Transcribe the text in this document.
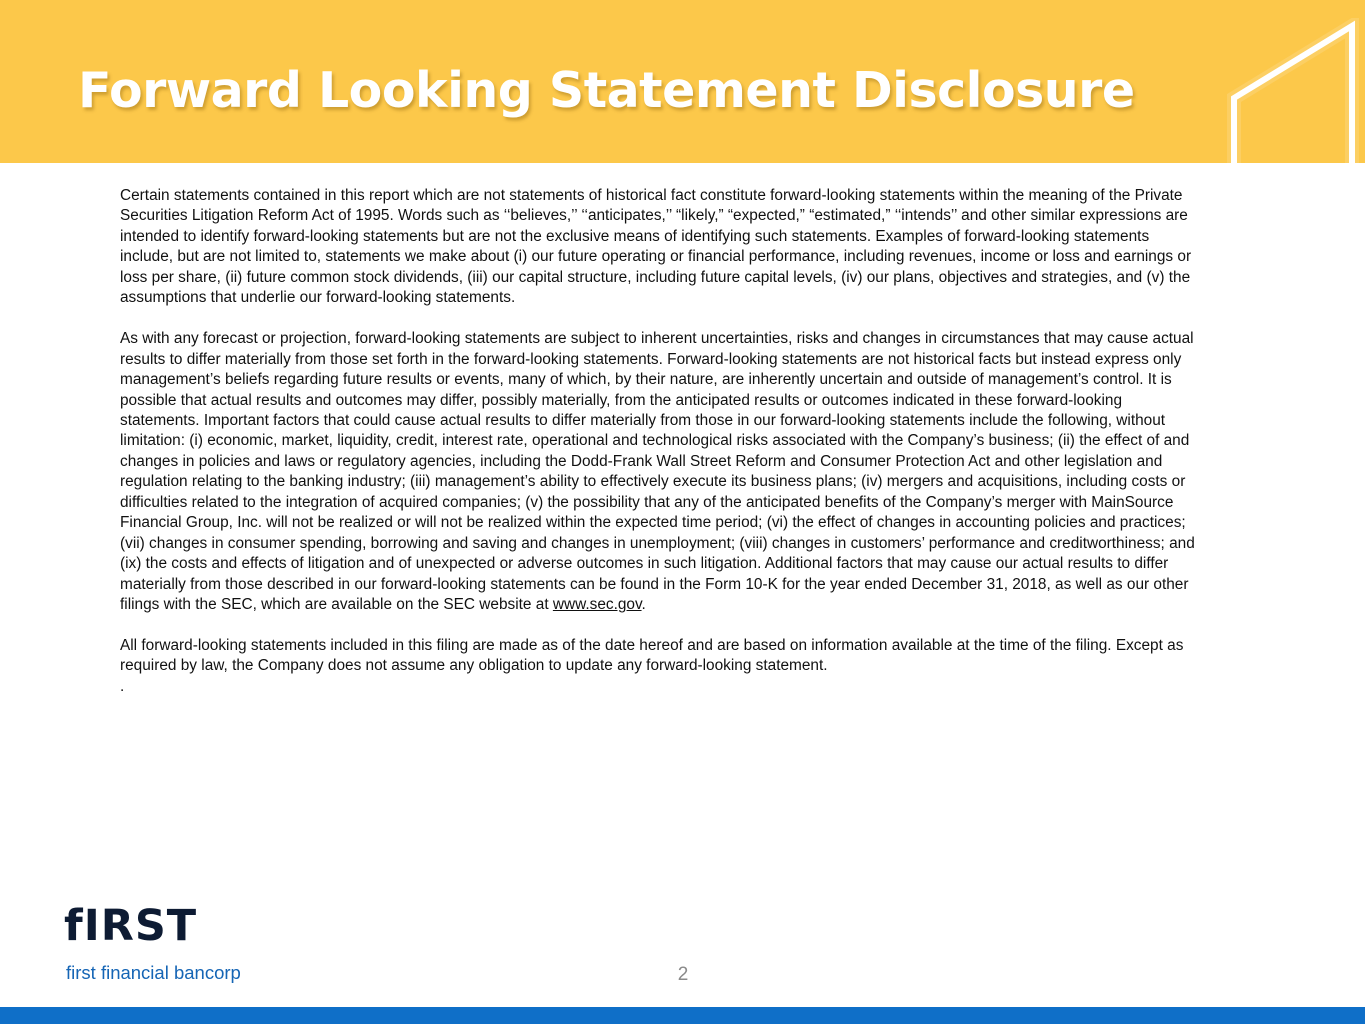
Forward Looking Statement Disclosure

Certain statements contained in this report which are not statements of historical fact constitute forward-looking statements within the meaning of the Private Securities Litigation Reform Act of 1995. Words such as ‘‘believes,’’ ‘‘anticipates,’’ “likely,” “expected,” “estimated,” ‘‘intends’’ and other similar expressions are intended to identify forward-looking statements but are not the exclusive means of identifying such statements. Examples of forward-looking statements include, but are not limited to, statements we make about (i) our future operating or financial performance, including revenues, income or loss and earnings or loss per share, (ii) future common stock dividends, (iii) our capital structure, including future capital levels, (iv) our plans, objectives and strategies, and (v) the assumptions that underlie our forward-looking statements.

As with any forecast or projection, forward-looking statements are subject to inherent uncertainties, risks and changes in circumstances that may cause actual results to differ materially from those set forth in the forward-looking statements. Forward-looking statements are not historical facts but instead express only management’s beliefs regarding future results or events, many of which, by their nature, are inherently uncertain and outside of management’s control. It is possible that actual results and outcomes may differ, possibly materially, from the anticipated results or outcomes indicated in these forward-looking statements. Important factors that could cause actual results to differ materially from those in our forward-looking statements include the following, without limitation: (i) economic, market, liquidity, credit, interest rate, operational and technological risks associated with the Company’s business; (ii) the effect of and changes in policies and laws or regulatory agencies, including the Dodd-Frank Wall Street Reform and Consumer Protection Act and other legislation and regulation relating to the banking industry; (iii) management’s ability to effectively execute its business plans; (iv) mergers and acquisitions, including costs or difficulties related to the integration of acquired companies; (v) the possibility that any of the anticipated benefits of the Company’s merger with MainSource Financial Group, Inc. will not be realized or will not be realized within the expected time period; (vi) the effect of changes in accounting policies and practices; (vii) changes in consumer spending, borrowing and saving and changes in unemployment; (viii) changes in customers’ performance and creditworthiness; and (ix) the costs and effects of litigation and of unexpected or adverse outcomes in such litigation. Additional factors that may cause our actual results to differ materially from those described in our forward-looking statements can be found in the Form 10-K for the year ended December 31, 2018, as well as our other filings with the SEC, which are available on the SEC website at www.sec.gov.

All forward-looking statements included in this filing are made as of the date hereof and are based on information available at the time of the filing. Except as required by law, the Company does not assume any obligation to update any forward-looking statement.

.
fIRST
first financial bancorp	2
